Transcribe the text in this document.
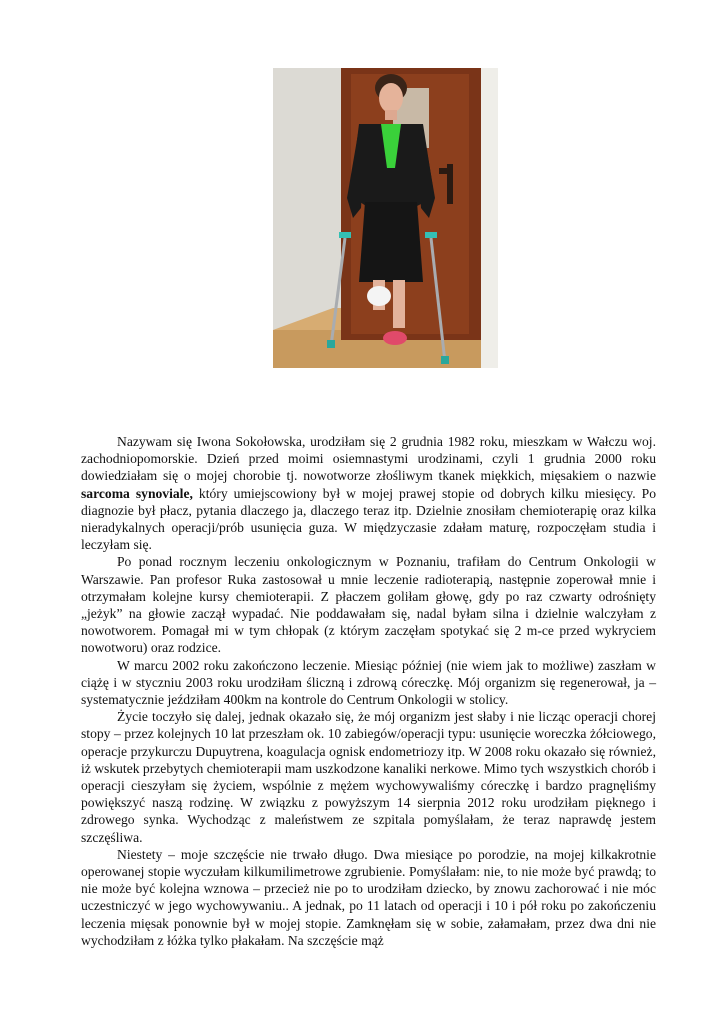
Nazywam się Iwona Sokołowska, urodziłam się 2 grudnia 1982 roku, mieszkam w Wałczu woj. zachodniopomorskie. Dzień przed moimi osiemnastymi urodzinami, czyli 1 grudnia 2000 roku dowiedziałam się o mojej chorobie tj. nowotworze złośliwym tkanek miękkich, mięsakiem o nazwie sarcoma synoviale, który umiejscowiony był w mojej prawej stopie od dobrych kilku miesięcy. Po diagnozie był płacz, pytania dlaczego ja, dlaczego teraz itp. Dzielnie znosiłam chemioterapię oraz kilka nieradykalnych operacji/prób usunięcia guza. W międzyczasie zdałam maturę, rozpoczęłam studia i leczyłam się.

Po ponad rocznym leczeniu onkologicznym w Poznaniu, trafiłam do Centrum Onkologii w Warszawie. Pan profesor Ruka zastosował u mnie leczenie radioterapią, następnie zoperował mnie i otrzymałam kolejne kursy chemioterapii. Z płaczem goliłam głowę, gdy po raz czwarty odrośnięty „jeżyk” na głowie zaczął wypadać. Nie poddawałam się, nadal byłam silna i dzielnie walczyłam z nowotworem. Pomagał mi w tym chłopak (z którym zaczęłam spotykać się 2 m-ce przed wykryciem nowotworu) oraz rodzice.

W marcu 2002 roku zakończono leczenie. Miesiąc później (nie wiem jak to możliwe) zaszłam w ciążę i w styczniu 2003 roku urodziłam śliczną i zdrową córeczkę. Mój organizm się regenerował, ja – systematycznie jeździłam 400km na kontrole do Centrum Onkologii w stolicy.

Życie toczyło się dalej, jednak okazało się, że mój organizm jest słaby i nie licząc operacji chorej stopy – przez kolejnych 10 lat przeszłam ok. 10 zabiegów/operacji typu: usunięcie woreczka żółciowego, operacje przykurczu Dupuytrena, koagulacja ognisk endometriozy itp. W 2008 roku okazało się również, iż wskutek przebytych chemioterapii mam uszkodzone kanaliki nerkowe. Mimo tych wszystkich chorób i operacji cieszyłam się życiem, wspólnie z mężem wychowywaliśmy córeczkę i bardzo pragnęliśmy powiększyć naszą rodzinę. W związku z powyższym 14 sierpnia 2012 roku urodziłam pięknego i zdrowego synka. Wychodząc z maleństwem ze szpitala pomyślałam, że teraz naprawdę jestem szczęśliwa.

Niestety – moje szczęście nie trwało długo. Dwa miesiące po porodzie, na mojej kilkakrotnie operowanej stopie wyczułam kilkumilimetrowe zgrubienie. Pomyślałam: nie, to nie może być prawdą; to nie może być kolejna wznowa – przecież nie po to urodziłam dziecko, by znowu zachorować i nie móc uczestniczyć w jego wychowywaniu.. A jednak, po 11 latach od operacji i 10 i pół roku po zakończeniu leczenia mięsak ponownie był w mojej stopie. Zamknęłam się w sobie, załamałam, przez dwa dni nie wychodziłam z łóżka tylko płakałam. Na szczęście mąż
